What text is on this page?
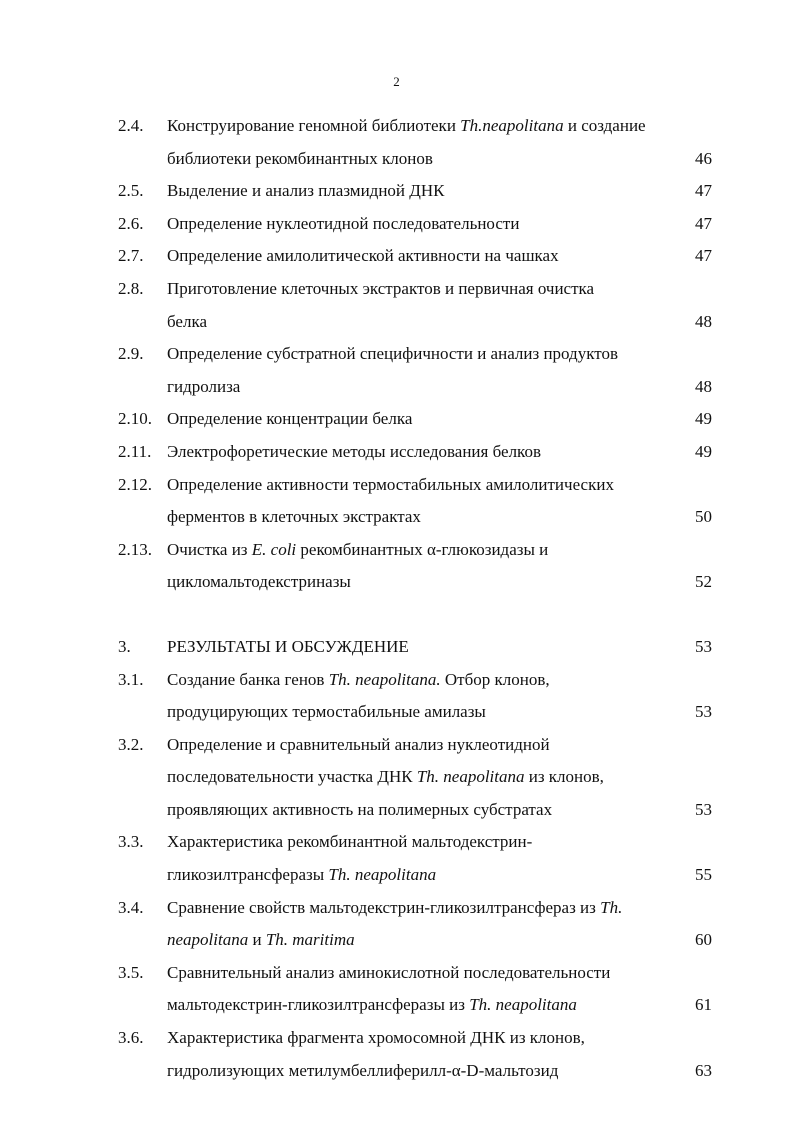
2
2.4. Конструирование геномной библиотеки Th.neapolitana и создание
библиотеки рекомбинантных клонов	46
2.5. Выделение и анализ плазмидной ДНК	47
2.6. Определение нуклеотидной последовательности	47
2.7. Определение амилолитической активности на чашках	47
2.8. Приготовление клеточных экстрактов и первичная очистка
белка	48
2.9. Определение субстратной специфичности и анализ продуктов
гидролиза	48
2.10. Определение концентрации белка	49
2.11. Электрофоретические методы исследования белков	49
2.12. Определение активности термостабильных амилолитических
ферментов в клеточных экстрактах	50
2.13. Очистка из E. coli рекомбинантных α-глюкозидазы и
цикломальтодекстриназы	52
3. РЕЗУЛЬТАТЫ И ОБСУЖДЕНИЕ	53
3.1. Создание банка генов Th. neapolitana. Отбор клонов,
продуцирующих термостабильные амилазы	53
3.2. Определение и сравнительный анализ нуклеотидной
последовательности участка ДНК Th. neapolitana из клонов,
проявляющих активность на полимерных субстратах	53
3.3. Характеристика рекомбинантной мальтодекстрин-
гликозилтрансферазы Th. neapolitana	55
3.4. Сравнение свойств мальтодекстрин-гликозилтрансфераз из Th.
neapolitana и Th. maritima	60
3.5. Сравнительный анализ аминокислотной последовательности
мальтодекстрин-гликозилтрансферазы из Th. neapolitana	61
3.6. Характеристика фрагмента хромосомной ДНК из клонов,
гидролизующих метилумбеллиферилл-α-D-мальтозид	63
